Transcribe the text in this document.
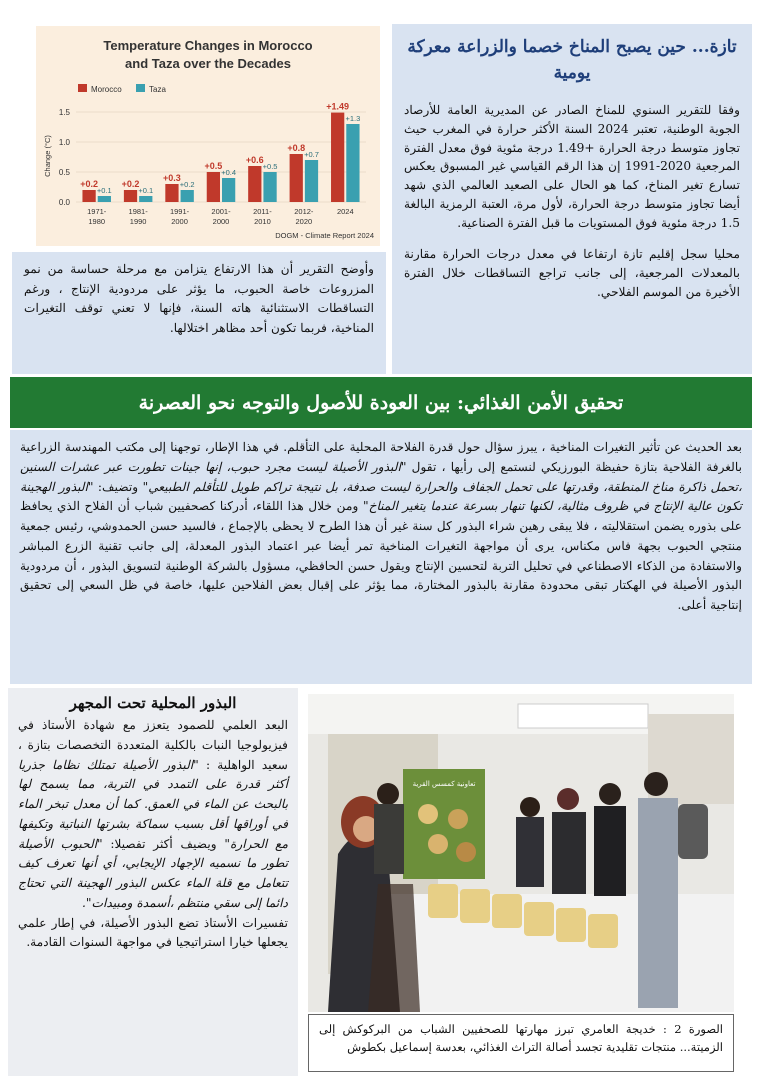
تازة... حين يصبح المناخ خصما والزراعة معركة يومية

وفقا للتقرير السنوي للمناخ الصادر عن المديرية العامة للأرصاد الجوية الوطنية، تعتبر 2024 السنة الأكثر حرارة في المغرب حيث تجاوز متوسط درجة الحرارة +1.49 درجة مئوية فوق معدل الفترة المرجعية 2020-1991 إن هذا الرقم القياسي غير المسبوق يعكس تسارع تغير المناخ، كما هو الحال على الصعيد العالمي الذي شهد أيضا تجاوز متوسط درجة الحرارة، لأول مرة، العتبة الرمزية البالغة 1.5 درجة مئوية فوق المستويات ما قبل الفترة الصناعية.

محليا سجل إقليم تازة ارتفاعا في معدل درجات الحرارة مقارنة بالمعدلات المرجعية، إلى جانب تراجع التساقطات خلال الفترة الأخيرة من الموسم الفلاحي.

Temperature Changes in Morocco
and Taza over the Decades
Morocco	Taza
Change (°C)
0.0
0.5
1.0
1.5
+0.2
+0.1
1971-
1980
+0.2
+0.1
1981-
1990
+0.3
+0.2
1991-
2000
+0.5
+0.4
2001-
2000
+0.6
+0.5
2011-
2010
+0.8
+0.7
2012-
2020
+1.49
+1.3
2024
DOGM - Climate Report 2024

وأوضح التقرير أن هذا الارتفاع يتزامن مع مرحلة حساسة من نمو المزروعات خاصة الحبوب، ما يؤثر على مردودية الإنتاج ، ورغم التساقطات الاستثنائية هاته السنة، فإنها لا تعني توقف التغيرات المناخية، فربما تكون أحد مظاهر اختلالها.

تحقيق الأمن الغذائي: بين العودة للأصول والتوجه نحو العصرنة

بعد الحديث عن تأثير التغيرات المناخية ، يبرز سؤال حول قدرة الفلاحة المحلية على التأقلم. في هذا الإطار، توجهنا إلى مكتب المهندسة الزراعية بالغرفة الفلاحية بتازة حفيظة البورزيكي لنستمع إلى رأيها ، تقول "البذور الأصيلة ليست مجرد حبوب، إنها جينات تطورت عبر عشرات السنين ،تحمل ذاكرة مناخ المنطقة، وقدرتها على تحمل الجفاف والحرارة ليست صدفة، بل نتيجة تراكم طويل للتأقلم الطبيعي" وتضيف: "البذور الهجينة تكون عالية الإنتاج في ظروف مثالية، لكنها تنهار بسرعة عندما يتغير المناخ" ومن خلال هذا اللقاء، أدركنا كصحفيين شباب أن الفلاح الذي يحافظ على بذوره يضمن استقلاليته ، فلا يبقى رهين شراء البذور كل سنة غير أن هذا الطرح لا يحظى بالإجماع ، فالسيد حسن الحمدوشي، رئيس جمعية منتجي الحبوب بجهة فاس مكناس، يرى أن مواجهة التغيرات المناخية تمر أيضا عبر اعتماد البذور المعدلة، إلى جانب تقنية الزرع المباشر والاستفادة من الذكاء الاصطناعي في تحليل التربة لتحسين الإنتاج ويقول حسن الحافظي، مسؤول بالشركة الوطنية لتسويق البذور ، أن مردودية البذور الأصيلة في الهكتار تبقى محدودة مقارنة بالبذور المختارة، مما يؤثر على إقبال بعض الفلاحين عليها، خاصة في ظل السعي إلى تحقيق إنتاجية أعلى.

البذور المحلية تحت المجهر

البعد العلمي للصمود يتعزز مع شهادة الأستاذ في فيزيولوجيا النبات بالكلية المتعددة التخصصات بتازة ، سعيد الواهلية : "البذور الأصيلة تمتلك نظاما جذريا أكثر قدرة على التمدد في التربة، مما يسمح لها بالبحث عن الماء في العمق. كما أن معدل تبخر الماء في أوراقها أقل بسبب سماكة بشرتها النباتية وتكيفها مع الحرارة" ويضيف أكثر تفصيلا: "الحبوب الأصيلة تطور ما نسميه الإجهاد الإيجابي، أي أنها تعرف كيف تتعامل مع قلة الماء عكس البذور الهجينة التي تحتاج دائما إلى سقي منتظم ،أسمدة ومبيدات".
تفسيرات الأستاذ تضع البذور الأصيلة، في إطار علمي يجعلها خيارا استراتيجيا في مواجهة السنوات القادمة.

تعاونية كمسس القرية
الصورة 2 : خديجة العامري تبرز مهارتها للصحفيين الشباب من البركوكش إلى الزميتة... منتجات تقليدية تجسد أصالة التراث الغذائي، بعدسة إسماعيل بكطوش
